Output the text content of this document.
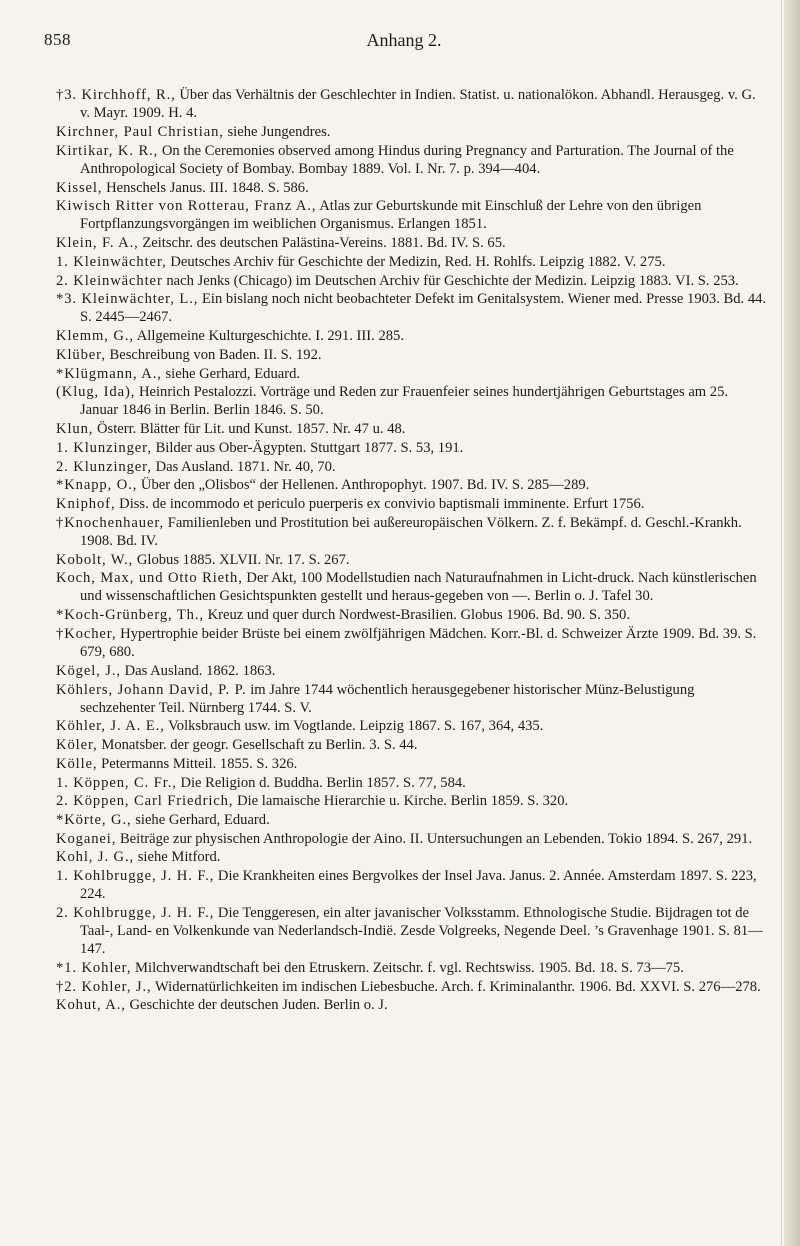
858	Anhang 2.

†3. Kirchhoff, R., Über das Verhältnis der Geschlechter in Indien. Statist. u. nationalökon. Abhandl. Herausgeg. v. G. v. Mayr. 1909. H. 4.

Kirchner, Paul Christian, siehe Jungendres.

Kirtikar, K. R., On the Ceremonies observed among Hindus during Pregnancy and Parturation. The Journal of the Anthropological Society of Bombay. Bombay 1889. Vol. I. Nr. 7. p. 394—404.

Kissel, Henschels Janus. III. 1848. S. 586.

Kiwisch Ritter von Rotterau, Franz A., Atlas zur Geburtskunde mit Einschluß der Lehre von den übrigen Fortpflanzungsvorgängen im weiblichen Organismus. Erlangen 1851.

Klein, F. A., Zeitschr. des deutschen Palästina-Vereins. 1881. Bd. IV. S. 65.

1. Kleinwächter, Deutsches Archiv für Geschichte der Medizin, Red. H. Rohlfs. Leipzig 1882. V. 275.

2. Kleinwächter nach Jenks (Chicago) im Deutschen Archiv für Geschichte der Medizin. Leipzig 1883. VI. S. 253.

*3. Kleinwächter, L., Ein bislang noch nicht beobachteter Defekt im Genitalsystem. Wiener med. Presse 1903. Bd. 44. S. 2445—2467.

Klemm, G., Allgemeine Kulturgeschichte. I. 291. III. 285.

Klüber, Beschreibung von Baden. II. S. 192.

*Klügmann, A., siehe Gerhard, Eduard.

(Klug, Ida), Heinrich Pestalozzi. Vorträge und Reden zur Frauenfeier seines hundertjährigen Geburtstages am 25. Januar 1846 in Berlin. Berlin 1846. S. 50.

Klun, Österr. Blätter für Lit. und Kunst. 1857. Nr. 47 u. 48.

1. Klunzinger, Bilder aus Ober-Ägypten. Stuttgart 1877. S. 53, 191.

2. Klunzinger, Das Ausland. 1871. Nr. 40, 70.

*Knapp, O., Über den „Olisbos“ der Hellenen. Anthropophyt. 1907. Bd. IV. S. 285—289.

Kniphof, Diss. de incommodo et periculo puerperis ex convivio baptismali imminente. Erfurt 1756.

†Knochenhauer, Familienleben und Prostitution bei außereuropäischen Völkern. Z. f. Bekämpf. d. Geschl.-Krankh. 1908. Bd. IV.

Kobolt, W., Globus 1885. XLVII. Nr. 17. S. 267.

Koch, Max, und Otto Rieth, Der Akt, 100 Modellstudien nach Naturaufnahmen in Licht-druck. Nach künstlerischen und wissenschaftlichen Gesichtspunkten gestellt und heraus-gegeben von —. Berlin o. J. Tafel 30.

*Koch-Grünberg, Th., Kreuz und quer durch Nordwest-Brasilien. Globus 1906. Bd. 90. S. 350.

†Kocher, Hypertrophie beider Brüste bei einem zwölfjährigen Mädchen. Korr.-Bl. d. Schweizer Ärzte 1909. Bd. 39. S. 679, 680.

Kögel, J., Das Ausland. 1862. 1863.

Köhlers, Johann David, P. P. im Jahre 1744 wöchentlich herausgegebener historischer Münz-Belustigung sechzehenter Teil. Nürnberg 1744. S. V.

Köhler, J. A. E., Volksbrauch usw. im Vogtlande. Leipzig 1867. S. 167, 364, 435.

Köler, Monatsber. der geogr. Gesellschaft zu Berlin. 3. S. 44.

Kölle, Petermanns Mitteil. 1855. S. 326.

1. Köppen, C. Fr., Die Religion d. Buddha. Berlin 1857. S. 77, 584.

2. Köppen, Carl Friedrich, Die lamaische Hierarchie u. Kirche. Berlin 1859. S. 320.

*Körte, G., siehe Gerhard, Eduard.

Koganei, Beiträge zur physischen Anthropologie der Aino. II. Untersuchungen an Lebenden. Tokio 1894. S. 267, 291.

Kohl, J. G., siehe Mitford.

1. Kohlbrugge, J. H. F., Die Krankheiten eines Bergvolkes der Insel Java. Janus. 2. Année. Amsterdam 1897. S. 223, 224.

2. Kohlbrugge, J. H. F., Die Tenggeresen, ein alter javanischer Volksstamm. Ethnologische Studie. Bijdragen tot de Taal-, Land- en Volkenkunde van Nederlandsch-Indië. Zesde Volgreeks, Negende Deel. ’s Gravenhage 1901. S. 81—147.

*1. Kohler, Milchverwandtschaft bei den Etruskern. Zeitschr. f. vgl. Rechtswiss. 1905. Bd. 18. S. 73—75.

†2. Kohler, J., Widernatürlichkeiten im indischen Liebesbuche. Arch. f. Kriminalanthr. 1906. Bd. XXVI. S. 276—278.

Kohut, A., Geschichte der deutschen Juden. Berlin o. J.
